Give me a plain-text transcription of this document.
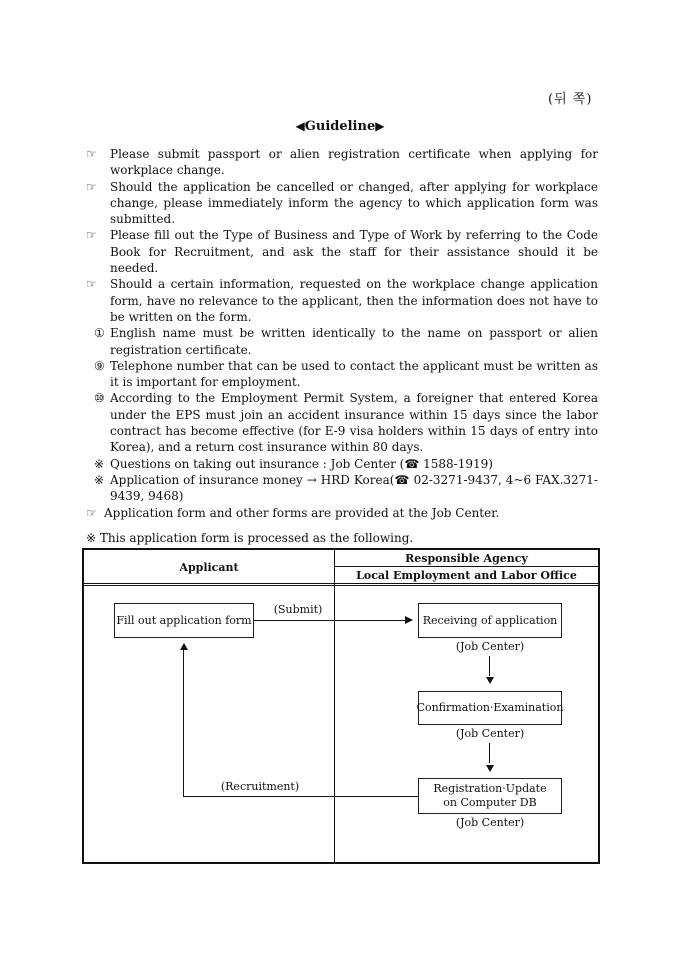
(뒤 쪽)
◀Guideline▶
☞ Please submit passport or alien registration certificate when applying for workplace change.
☞ Should the application be cancelled or changed, after applying for workplace change, please immediately inform the agency to which application form was submitted.
☞ Please fill out the Type of Business and Type of Work by referring to the Code Book for Recruitment, and ask the staff for their assistance should it be needed.
☞ Should a certain information, requested on the workplace change application form, have no relevance to the applicant, then the information does not have to be written on the form.
① English name must be written identically to the name on passport or alien registration certificate.
⑨ Telephone number that can be used to contact the applicant must be written as it is important for employment.
⑩ According to the Employment Permit System, a foreigner that entered Korea under the EPS must join an accident insurance within 15 days since the labor contract has become effective (for E-9 visa holders within 15 days of entry into Korea), and a return cost insurance within 80 days.
※ Questions on taking out insurance : Job Center (☎ 1588-1919)
※ Application of insurance money → HRD Korea(☎ 02-3271-9437, 4~6 FAX.3271-9439, 9468)
☞ Application form and other forms are provided at the Job Center.
※ This application form is processed as the following.
Applicant
Responsible Agency
Local Employment and Labor Office
Fill out application form
(Submit)
Receiving of application
(Job Center)
Confirmation·Examination
(Job Center)
Registration·Update on Computer DB
(Job Center)
(Recruitment)
